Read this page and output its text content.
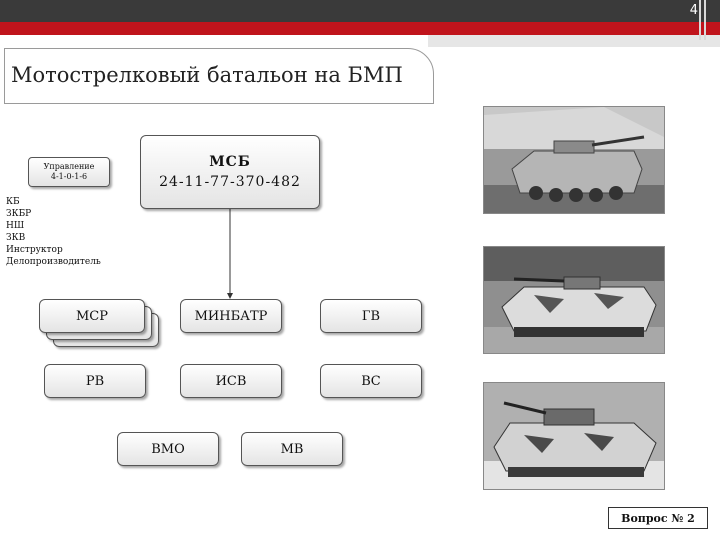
4
Мотострелковый батальон на БМП
МСБ
24-11-77-370-482
Управление
4-1-0-1-6
КБ
ЗКБР
НШ
ЗКВ
Инструктор
Делопроизводитель
МСР	МИНБАТР	ГВ
РВ	ИСВ	ВС
ВМО	МВ
Вопрос № 2
